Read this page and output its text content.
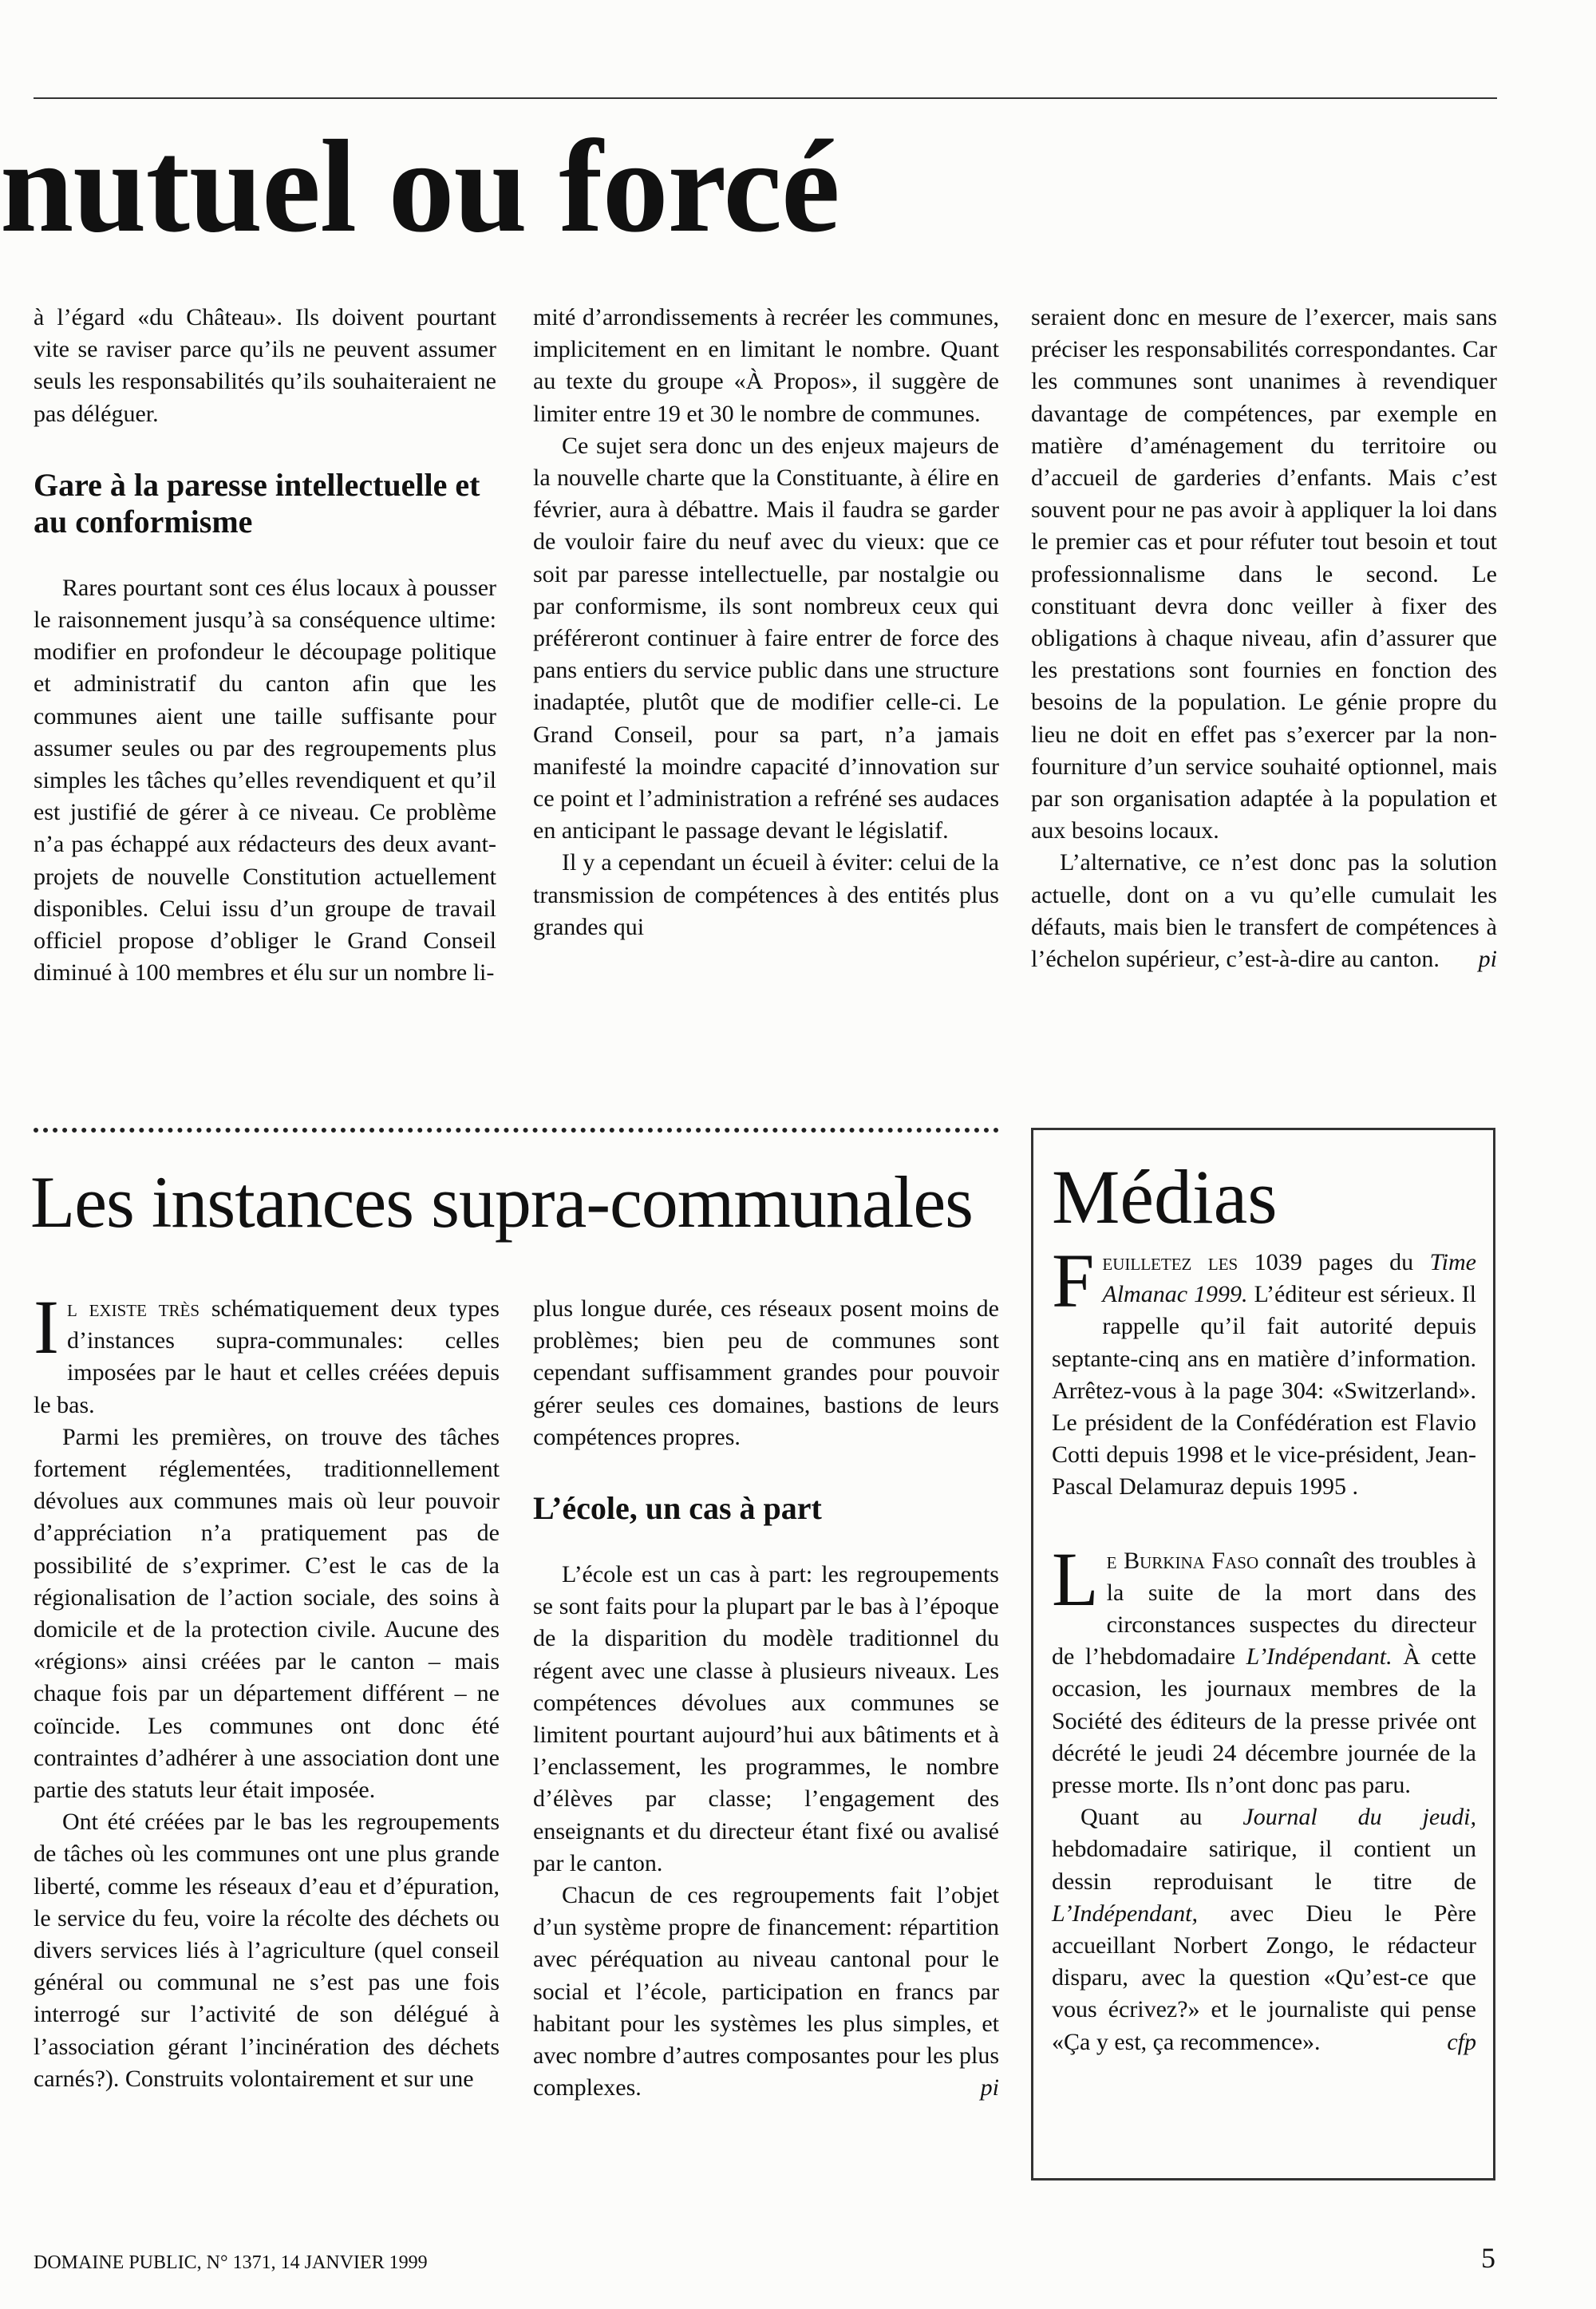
nutuel ou forcé

à l’égard «du Château». Ils doivent pourtant vite se raviser parce qu’ils ne peuvent assumer seuls les responsabilités qu’ils souhaiteraient ne pas déléguer.

Gare à la paresse intellectuelle et au conformisme

Rares pourtant sont ces élus locaux à pousser le raisonnement jusqu’à sa conséquence ultime: modifier en profondeur le découpage politique et administratif du canton afin que les communes aient une taille suffisante pour assumer seules ou par des regroupements plus simples les tâches qu’elles revendiquent et qu’il est justifié de gérer à ce niveau. Ce problème n’a pas échappé aux rédacteurs des deux avant-projets de nouvelle Constitution actuellement disponibles. Celui issu d’un groupe de travail officiel propose d’obliger le Grand Conseil diminué à 100 membres et élu sur un nombre li-

mité d’arrondissements à recréer les communes, implicitement en en limitant le nombre. Quant au texte du groupe «À Propos», il suggère de limiter entre 19 et 30 le nombre de communes.

Ce sujet sera donc un des enjeux majeurs de la nouvelle charte que la Constituante, à élire en février, aura à débattre. Mais il faudra se garder de vouloir faire du neuf avec du vieux: que ce soit par paresse intellectuelle, par nostalgie ou par conformisme, ils sont nombreux ceux qui préféreront continuer à faire entrer de force des pans entiers du service public dans une structure inadaptée, plutôt que de modifier celle-ci. Le Grand Conseil, pour sa part, n’a jamais manifesté la moindre capacité d’innovation sur ce point et l’administration a refréné ses audaces en anticipant le passage devant le législatif.

Il y a cependant un écueil à éviter: celui de la transmission de compétences à des entités plus grandes qui

seraient donc en mesure de l’exercer, mais sans préciser les responsabilités correspondantes. Car les communes sont unanimes à revendiquer davantage de compétences, par exemple en matière d’aménagement du territoire ou d’accueil de garderies d’enfants. Mais c’est souvent pour ne pas avoir à appliquer la loi dans le premier cas et pour réfuter tout besoin et tout professionnalisme dans le second. Le constituant devra donc veiller à fixer des obligations à chaque niveau, afin d’assurer que les prestations sont fournies en fonction des besoins de la population. Le génie propre du lieu ne doit en effet pas s’exercer par la non-fourniture d’un service souhaité optionnel, mais par son organisation adaptée à la population et aux besoins locaux.

L’alternative, ce n’est donc pas la solution actuelle, dont on a vu qu’elle cumulait les défauts, mais bien le transfert de compétences à l’échelon supérieur, c’est-à-dire au canton.	pi

Les instances supra-communales

Il existe très schématiquement deux types d’instances supra-communales: celles imposées par le haut et celles créées depuis le bas.

Parmi les premières, on trouve des tâches fortement réglementées, traditionnellement dévolues aux communes mais où leur pouvoir d’appréciation n’a pratiquement pas de possibilité de s’exprimer. C’est le cas de la régionalisation de l’action sociale, des soins à domicile et de la protection civile. Aucune des «régions» ainsi créées par le canton – mais chaque fois par un département différent – ne coïncide. Les communes ont donc été contraintes d’adhérer à une association dont une partie des statuts leur était imposée.

Ont été créées par le bas les regroupements de tâches où les communes ont une plus grande liberté, comme les réseaux d’eau et d’épuration, le service du feu, voire la récolte des déchets ou divers services liés à l’agriculture (quel conseil général ou communal ne s’est pas une fois interrogé sur l’activité de son délégué à l’association gérant l’incinération des déchets carnés?). Construits volontairement et sur une

plus longue durée, ces réseaux posent moins de problèmes; bien peu de communes sont cependant suffisamment grandes pour pouvoir gérer seules ces domaines, bastions de leurs compétences propres.

L’école, un cas à part

L’école est un cas à part: les regroupements se sont faits pour la plupart par le bas à l’époque de la disparition du modèle traditionnel du régent avec une classe à plusieurs niveaux. Les compétences dévolues aux communes se limitent pourtant aujourd’hui aux bâtiments et à l’enclassement, les programmes, le nombre d’élèves par classe; l’engagement des enseignants et du directeur étant fixé ou avalisé par le canton.

Chacun de ces regroupements fait l’objet d’un système propre de financement: répartition avec péréquation au niveau cantonal pour le social et l’école, participation en francs par habitant pour les systèmes les plus simples, et avec nombre d’autres composantes pour les plus complexes.	pi

Médias

Feuilletez les 1039 pages du Time Almanac 1999. L’éditeur est sérieux. Il rappelle qu’il fait autorité depuis septante-cinq ans en matière d’information. Arrêtez-vous à la page 304: «Switzerland». Le président de la Confédération est Flavio Cotti depuis 1998 et le vice-président, Jean-Pascal Delamuraz depuis 1995 .

Le Burkina Faso connaît des troubles à la suite de la mort dans des circonstances suspectes du directeur de l’hebdomadaire L’Indépendant. À cette occasion, les journaux membres de la Société des éditeurs de la presse privée ont décrété le jeudi 24 décembre journée de la presse morte. Ils n’ont donc pas paru.

Quant au Journal du jeudi, hebdomadaire satirique, il contient un dessin reproduisant le titre de L’Indépendant, avec Dieu le Père accueillant Norbert Zongo, le rédacteur disparu, avec la question «Qu’est-ce que vous écrivez?» et le journaliste qui pense «Ça y est, ça recommence».	cfp

DOMAINE PUBLIC, N° 1371, 14 JANVIER 1999	5
